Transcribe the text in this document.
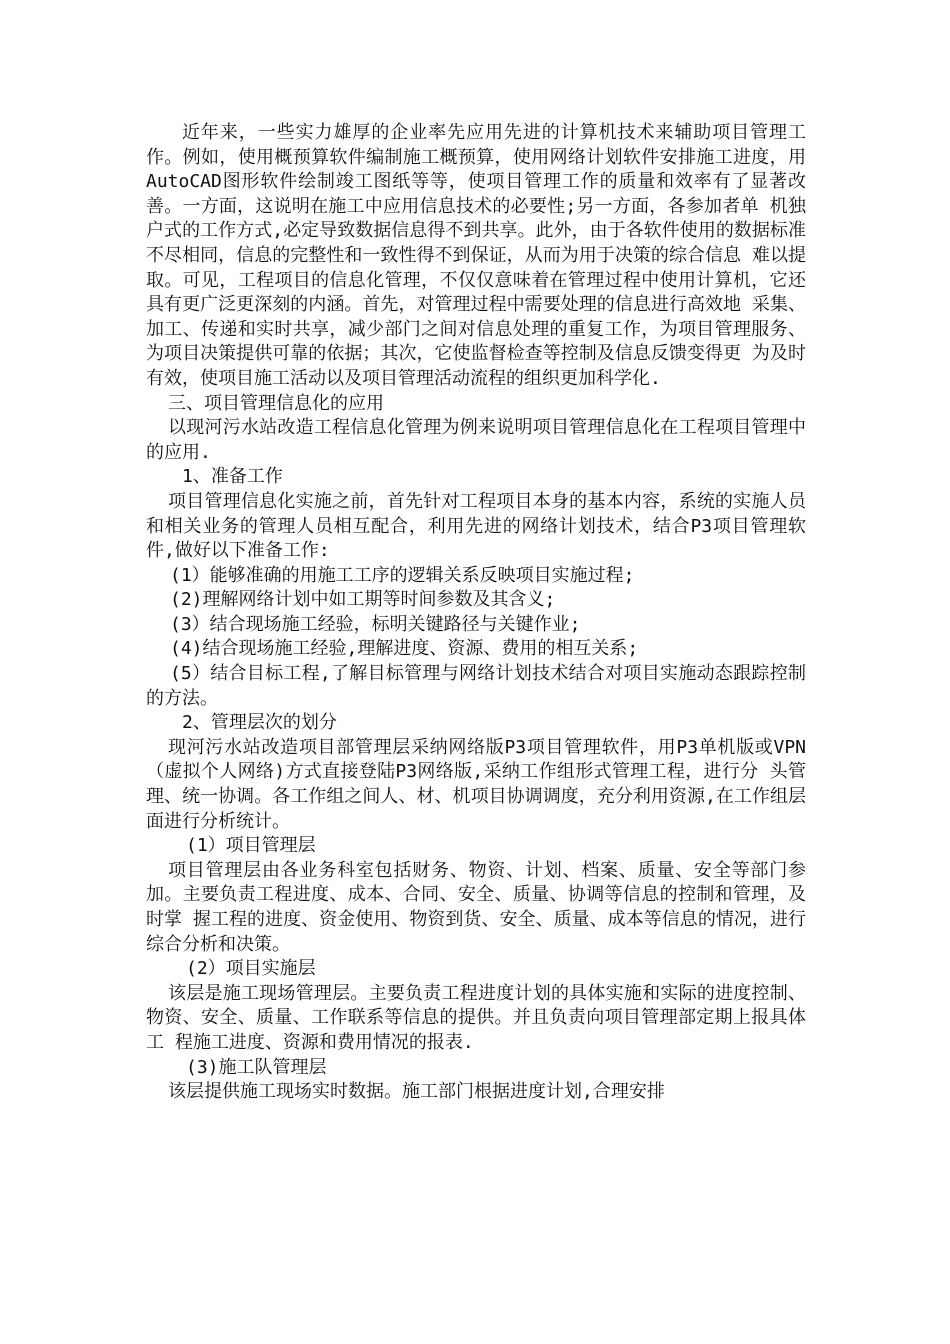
近年来，一些实力雄厚的企业率先应用先进的计算机技术来辅助项目管理工作。例如，使用概预算软件编制施工概预算，使用网络计划软件安排施工进度，用 AutoCAD图形软件绘制竣工图纸等等，使项目管理工作的质量和效率有了显著改善。一方面，这说明在施工中应用信息技术的必要性;另一方面，各参加者单 机独户式的工作方式,必定导致数据信息得不到共享。此外，由于各软件使用的数据标准不尽相同，信息的完整性和一致性得不到保证，从而为用于决策的综合信息 难以提取。可见，工程项目的信息化管理，不仅仅意味着在管理过程中使用计算机，它还具有更广泛更深刻的内涵。首先，对管理过程中需要处理的信息进行高效地 采集、加工、传递和实时共享，减少部门之间对信息处理的重复工作，为项目管理服务、为项目决策提供可靠的依据；其次，它使监督检查等控制及信息反馈变得更 为及时有效，使项目施工活动以及项目管理活动流程的组织更加科学化.

三、项目管理信息化的应用

以现河污水站改造工程信息化管理为例来说明项目管理信息化在工程项目管理中的应用.

1、准备工作

项目管理信息化实施之前，首先针对工程项目本身的基本内容，系统的实施人员和相关业务的管理人员相互配合，利用先进的网络计划技术，结合P3项目管理软件,做好以下准备工作:

(1）能够准确的用施工工序的逻辑关系反映项目实施过程;

(2)理解网络计划中如工期等时间参数及其含义;

(3）结合现场施工经验，标明关键路径与关键作业;

(4)结合现场施工经验,理解进度、资源、费用的相互关系;

(5）结合目标工程,了解目标管理与网络计划技术结合对项目实施动态跟踪控制的方法。

2、管理层次的划分

现河污水站改造项目部管理层采纳网络版P3项目管理软件，用P3单机版或VPN（虚拟个人网络)方式直接登陆P3网络版,采纳工作组形式管理工程，进行分 头管理、统一协调。各工作组之间人、材、机项目协调调度，充分利用资源,在工作组层面进行分析统计。

(1）项目管理层

项目管理层由各业务科室包括财务、物资、计划、档案、质量、安全等部门参加。主要负责工程进度、成本、合同、安全、质量、协调等信息的控制和管理，及时掌 握工程的进度、资金使用、物资到货、安全、质量、成本等信息的情况，进行综合分析和决策。

(2）项目实施层

该层是施工现场管理层。主要负责工程进度计划的具体实施和实际的进度控制、物资、安全、质量、工作联系等信息的提供。并且负责向项目管理部定期上报具体工 程施工进度、资源和费用情况的报表.

(3)施工队管理层

该层提供施工现场实时数据。施工部门根据进度计划,合理安排
